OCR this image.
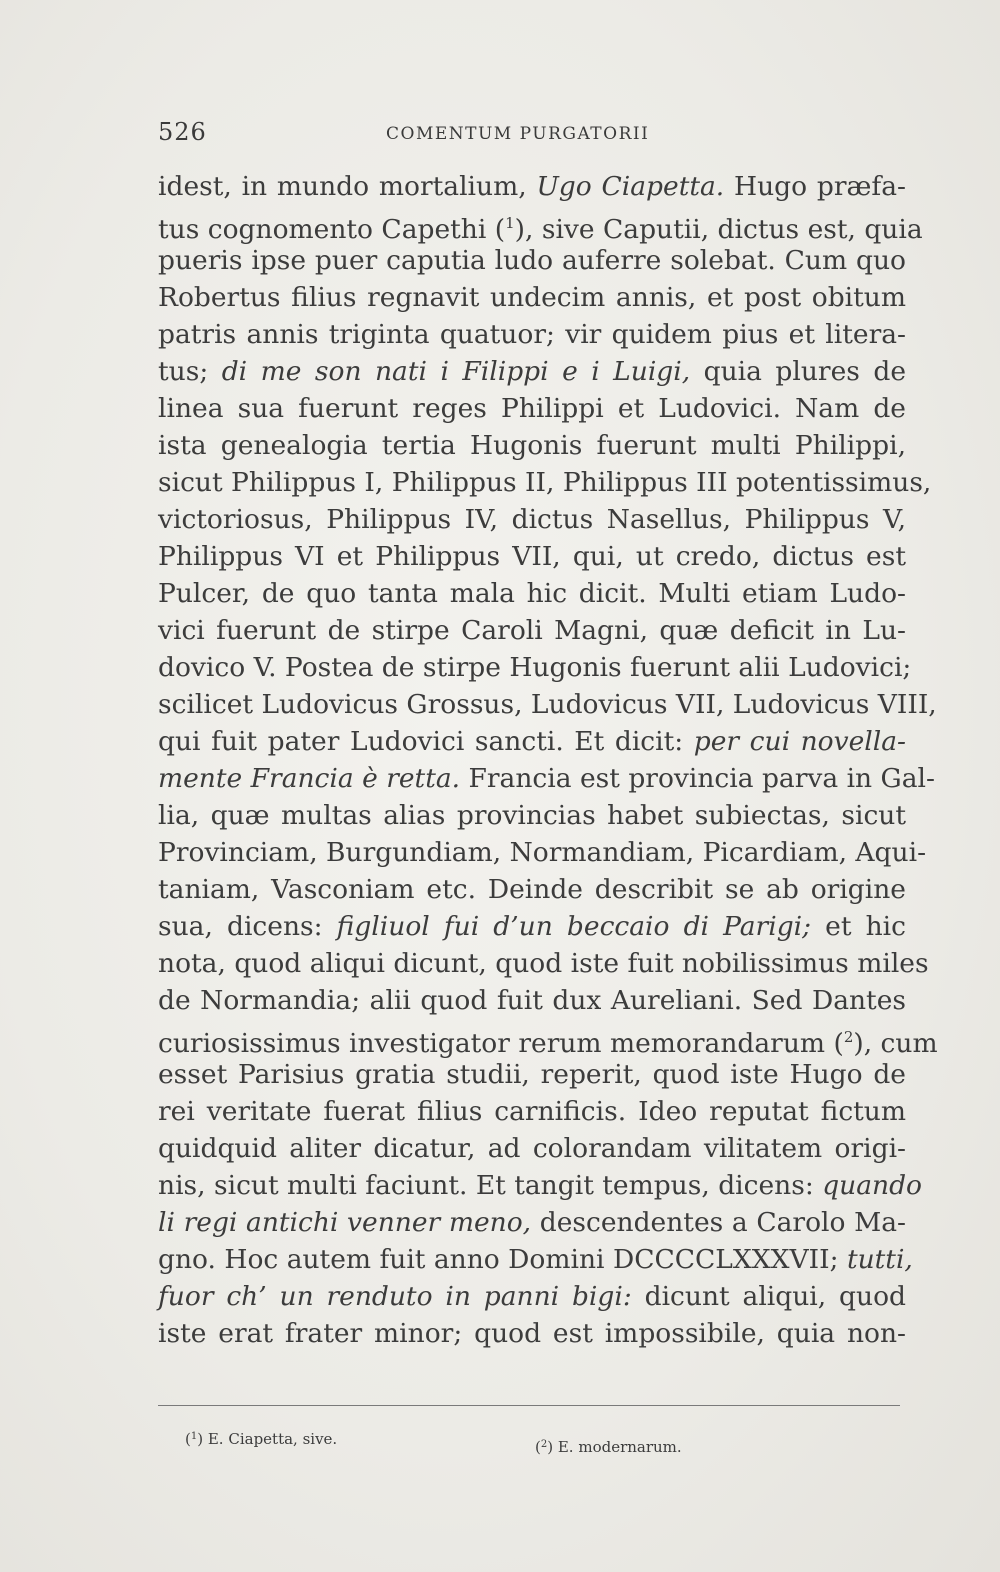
526	COMENTUM PURGATORII
idest, in mundo mortalium, Ugo Ciapetta. Hugo præfa-
tus cognomento Capethi ($^1$), sive Caputii, dictus est, quia
pueris ipse puer caputia ludo auferre solebat. Cum quo
Robertus filius regnavit undecim annis, et post obitum
patris annis triginta quatuor; vir quidem pius et litera-
tus; di me son nati i Filippi e i Luigi, quia plures de
linea sua fuerunt reges Philippi et Ludovici. Nam de
ista genealogia tertia Hugonis fuerunt multi Philippi,
sicut Philippus I, Philippus II, Philippus III potentissimus,
victoriosus, Philippus IV, dictus Nasellus, Philippus V,
Philippus VI et Philippus VII, qui, ut credo, dictus est
Pulcer, de quo tanta mala hic dicit. Multi etiam Ludo-
vici fuerunt de stirpe Caroli Magni, quæ deficit in Lu-
dovico V. Postea de stirpe Hugonis fuerunt alii Ludovici;
scilicet Ludovicus Grossus, Ludovicus VII, Ludovicus VIII,
qui fuit pater Ludovici sancti. Et dicit: per cui novella-
mente Francia è retta. Francia est provincia parva in Gal-
lia, quæ multas alias provincias habet subiectas, sicut
Provinciam, Burgundiam, Normandiam, Picardiam, Aqui-
taniam, Vasconiam etc. Deinde describit se ab origine
sua, dicens: figliuol fui d’un beccaio di Parigi; et hic
nota, quod aliqui dicunt, quod iste fuit nobilissimus miles
de Normandia; alii quod fuit dux Aureliani. Sed Dantes
curiosissimus investigator rerum memorandarum ($^2$), cum
esset Parisius gratia studii, reperit, quod iste Hugo de
rei veritate fuerat filius carnificis. Ideo reputat fictum
quidquid aliter dicatur, ad colorandam vilitatem origi-
nis, sicut multi faciunt. Et tangit tempus, dicens: quando
li regi antichi venner meno, descendentes a Carolo Ma-
gno. Hoc autem fuit anno Domini DCCCCLXXXVII; tutti,
fuor ch’ un renduto in panni bigi: dicunt aliqui, quod
iste erat frater minor; quod est impossibile, quia non-
($^1$) E. Ciapetta, sive.	($^2$) E. modernarum.
